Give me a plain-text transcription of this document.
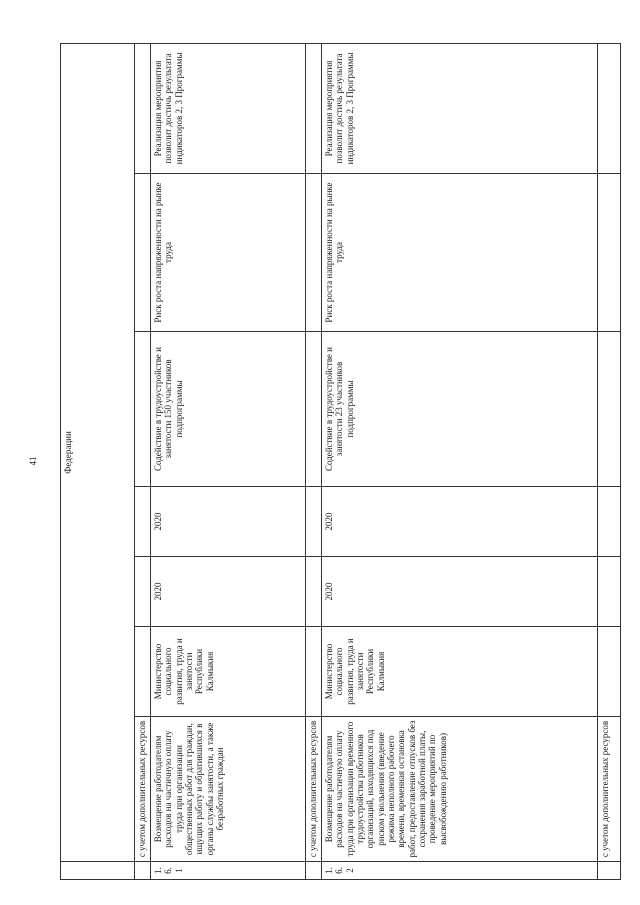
41
		Федерации						
	с учетом дополнительных ресурсов						
1.6.1	Возмещение работодателям расходов на частичную оплату труда при организации общественных работ для граждан, ищущих работу и обратившихся в органы службы занятости, а также безработных граждан	Министерство социального развития, труда и занятости Республики Калмыкия	2020	2020	Содействие в трудоустройстве и занятости 150 участников подпрограммы	Риск роста напряженности на рынке труда	Реализация мероприятия позволит достичь результата индикаторов 2, 3 Программы
	с учетом дополнительных ресурсов						
1.6.2	Возмещение работодателям расходов на частичную оплату труда при организации временного трудоустройства работников организаций, находящихся под риском увольнения (введение режима неполного рабочего времени, временная остановка работ, предоставление отпусков без сохранения заработной платы, проведение мероприятий по высвобождению работников)	Министерство социального развития, труда и занятости Республики Калмыкия	2020	2020	Содействие в трудоустройстве и занятости 23 участников подпрограммы	Риск роста напряженности на рынке труда	Реализация мероприятия позволит достичь результата индикаторов 2, 3 Программы
	с учетом дополнительных ресурсов						
